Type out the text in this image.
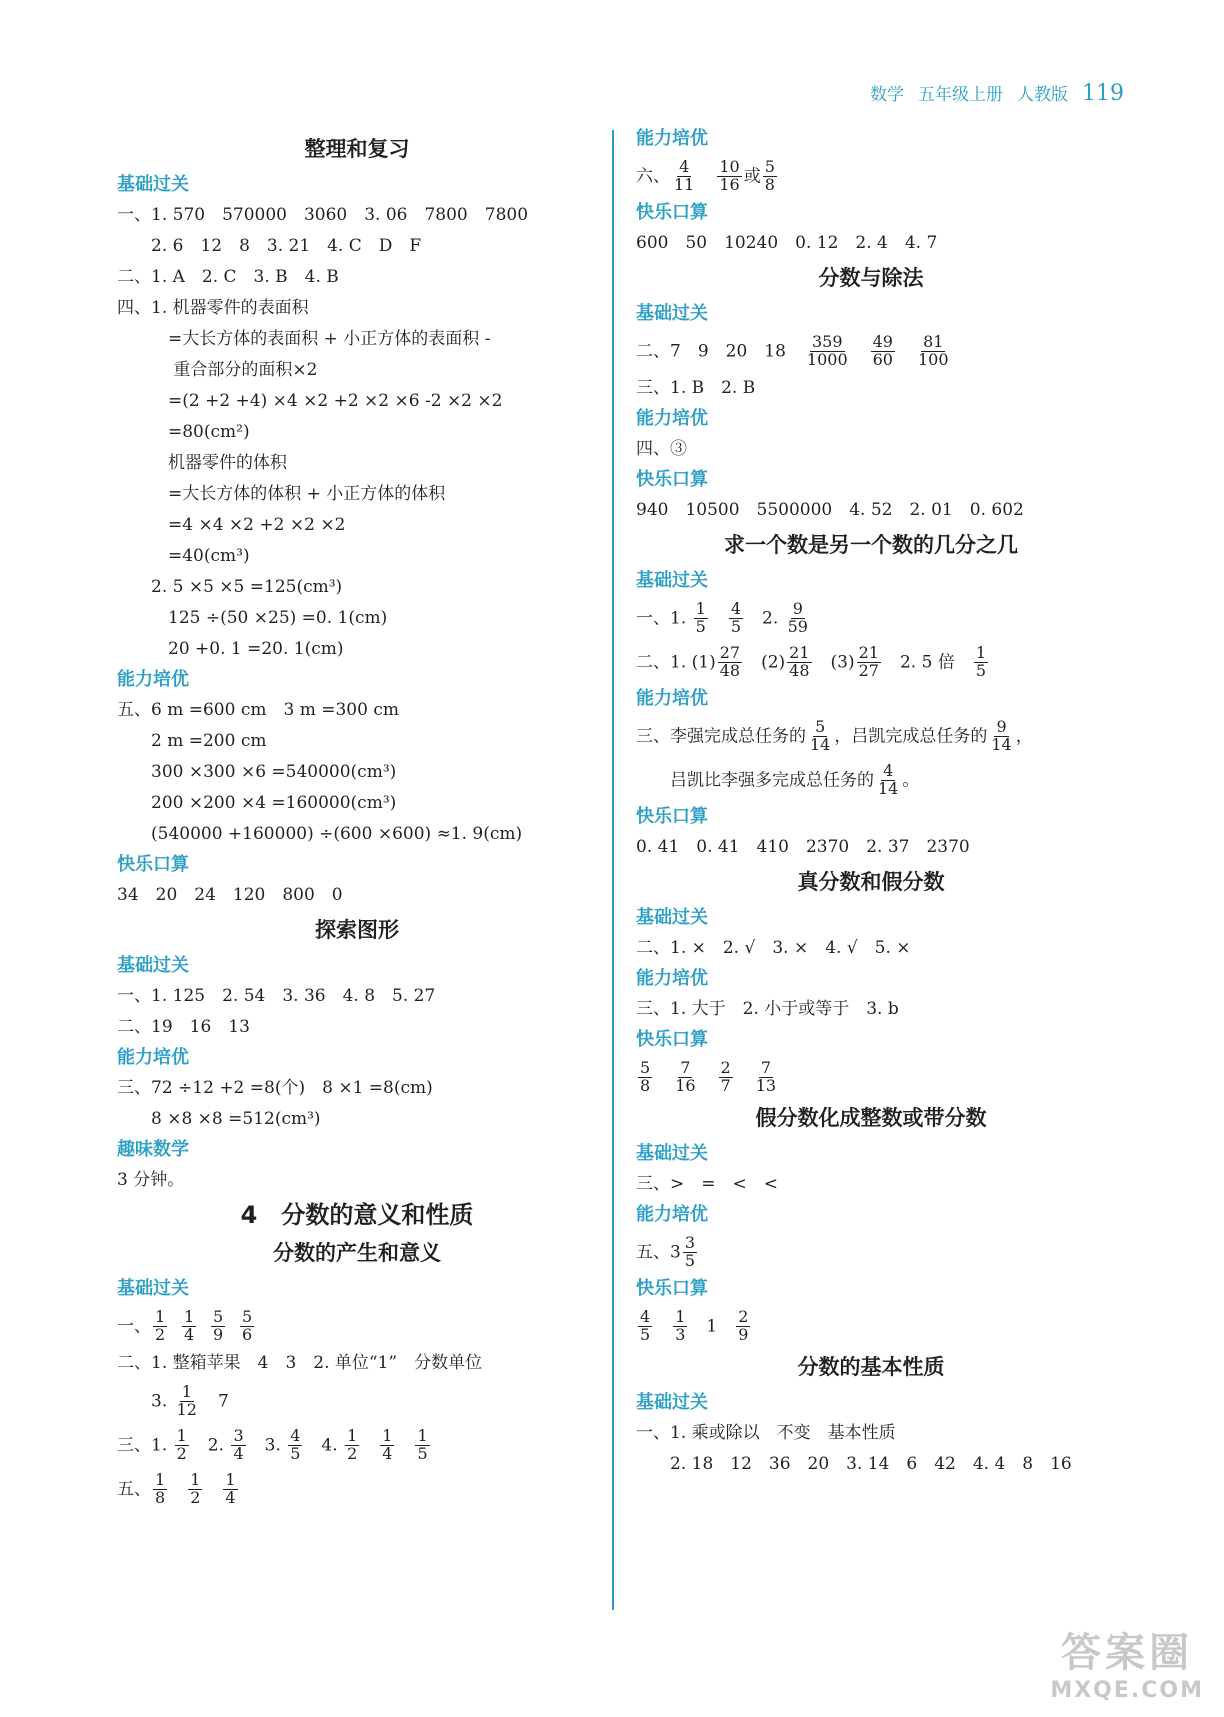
数学 五年级上册 人教版 119
整理和复习
基础过关
一、1. 570　570000　3060　3. 06　7800　7800
　　2. 6　12　8　3. 21　4. C　D　F
二、1. A　2. C　3. B　4. B
四、1. 机器零件的表面积
　　　=大长方体的表面积 + 小正方体的表面积 -
　　　 重合部分的面积×2
　　　=(2 +2 +4) ×4 ×2 +2 ×2 ×6 -2 ×2 ×2
　　　=80(cm²)
　　　机器零件的体积
　　　=大长方体的体积 + 小正方体的体积
　　　=4 ×4 ×2 +2 ×2 ×2
　　　=40(cm³)
　　2. 5 ×5 ×5 =125(cm³)
　　　125 ÷(50 ×25) =0. 1(cm)
　　　20 +0. 1 =20. 1(cm)
能力培优
五、6 m =600 cm　3 m =300 cm
　　2 m =200 cm
　　300 ×300 ×6 =540000(cm³)
　　200 ×200 ×4 =160000(cm³)
　　(540000 +160000) ÷(600 ×600) ≈1. 9(cm)
快乐口算
34　20　24　120　800　0
探索图形
基础过关
一、1. 125　2. 54　3. 36　4. 8　5. 27
二、19　16　13
能力培优
三、72 ÷12 +2 =8(个)　8 ×1 =8(cm)
　　8 ×8 ×8 =512(cm³)
趣味数学
3 分钟。
4　分数的意义和性质
分数的产生和意义
基础过关
一、 $\frac{1}{2}$
$\frac{1}{4}$
$\frac{5}{9}$
$\frac{5}{6}$
二、1. 整箱苹果　4　3　2. 单位“1”　分数单位
　　3. $\frac{1}{12}$ 　7
三、1. $\frac{1}{2}$ 　2. $\frac{3}{4}$ 　3. $\frac{4}{5}$ 　4. $\frac{1}{2}$
　 $\frac{1}{4}$
　 $\frac{1}{5}$
五、 $\frac{1}{8}$
　 $\frac{1}{2}$
　 $\frac{1}{4}$
能力培优
六、 $\frac{4}{11}$
　 $\frac{10}{16}$ 或 $\frac{5}{8}$
快乐口算
600　50　10240　0. 12　2. 4　4. 7
分数与除法
基础过关
二、7　9　20　18　 $\frac{359}{1000}$
　 $\frac{49}{60}$
　 $\frac{81}{100}$
三、1. B　2. B
能力培优
四、③
快乐口算
940　10500　5500000　4. 52　2. 01　0. 602
求一个数是另一个数的几分之几
基础过关
一、1. $\frac{1}{5}$
　 $\frac{4}{5}$ 　2. $\frac{9}{59}$
二、1. $(1) \frac{27}{48}$ 　$(2) \frac{21}{48}$ 　$(3) \frac{21}{27}$ 　2. 5 倍　 $\frac{1}{5}$
能力培优
三、李强完成总任务的 $\frac{5}{14}$ ，吕凯完成总任务的 $\frac{9}{14}$ ，
　　吕凯比李强多完成总任务的 $\frac{4}{14}$ 。
快乐口算
0. 41　0. 41　410　2370　2. 37　2370
真分数和假分数
基础过关
二、1. ×　2. √　3. ×　4. √　5. ×
能力培优
三、1. 大于　2. 小于或等于　3. b
快乐口算
$\frac{5}{8}$
　 $\frac{7}{16}$
　 $\frac{2}{7}$
　 $\frac{7}{13}$
假分数化成整数或带分数
基础过关
三、>　=　<　<
能力培优
五、$3 \frac{3}{5}$
快乐口算
$\frac{4}{5}$
　 $\frac{1}{3}$ 　1　 $\frac{2}{9}$
分数的基本性质
基础过关
一、1. 乘或除以　不变　基本性质
　　2. 18　12　36　20　3. 14　6　42　4. 4　8　16
答案圈
MXQE.COM
